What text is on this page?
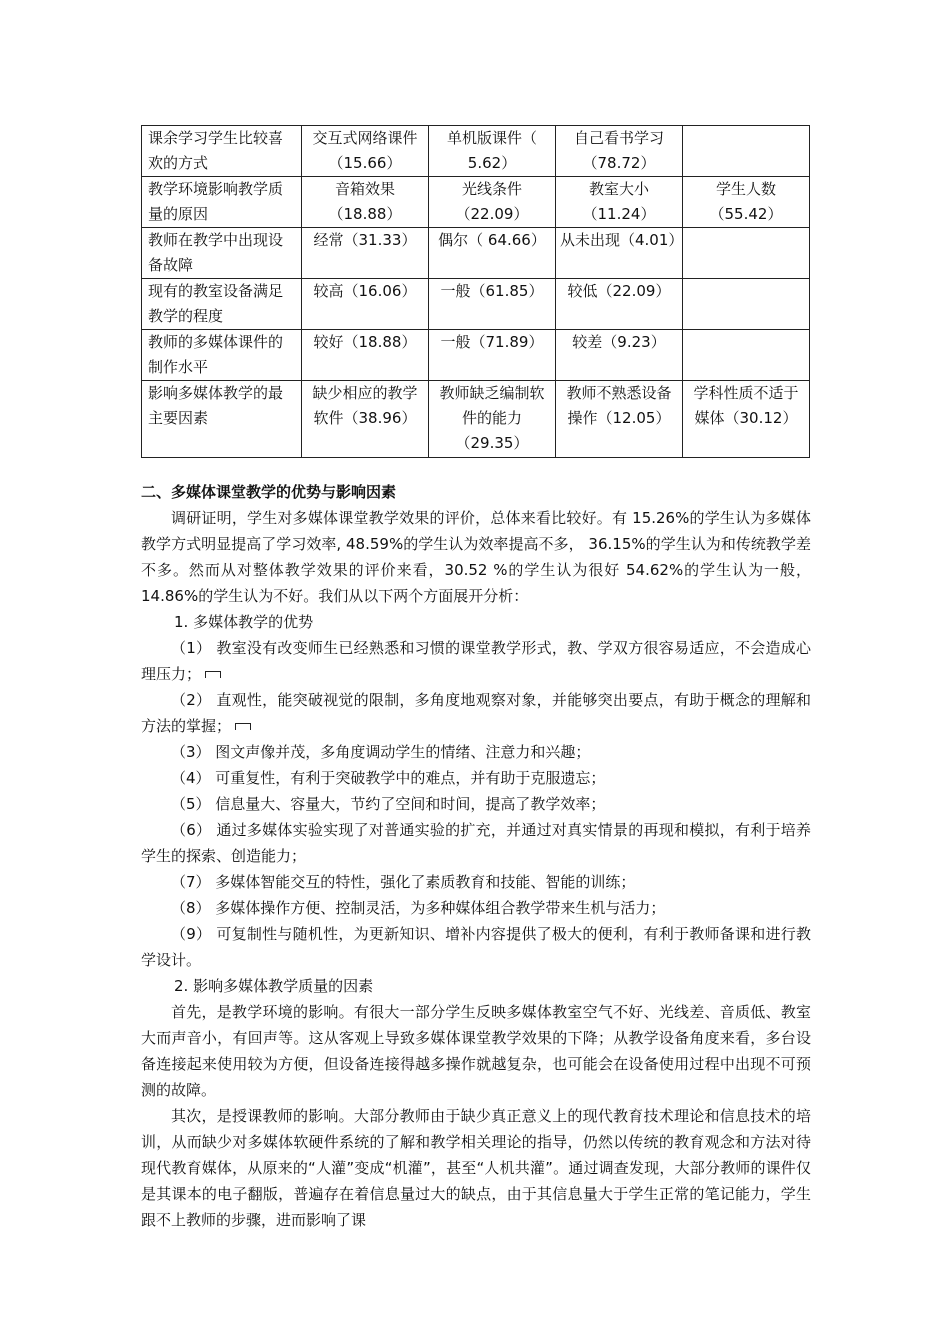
课余学习学生比较喜欢的方式	交互式网络课件（15.66）	单机版课件（ 5.62）	自己看书学习（78.72）	
教学环境影响教学质量的原因	音箱效果（18.88）	光线条件（22.09）	教室大小（11.24）	学生人数（55.42）
教师在教学中出现设备故障	经常（31.33）	偶尔（ 64.66）	从未出现（4.01）	
现有的教室设备满足教学的程度	较高（16.06）	一般（61.85）	较低（22.09）	
教师的多媒体课件的制作水平	较好（18.88）	一般（71.89）	较差（9.23）	
影响多媒体教学的最主要因素	缺少相应的教学软件（38.96）	教师缺乏编制软件的能力（29.35）	教师不熟悉设备操作（12.05）	学科性质不适于媒体（30.12）

二、多媒体课堂教学的优势与影响因素

调研证明，学生对多媒体课堂教学效果的评价，总体来看比较好。有 15.26%的学生认为多媒体教学方式明显提高了学习效率, 48.59%的学生认为效率提高不多， 36.15%的学生认为和传统教学差不多。然而从对整体教学效果的评价来看，30.52 %的学生认为很好 54.62%的学生认为一般，14.86%的学生认为不好。我们从以下两个方面展开分析：

1. 多媒体教学的优势

（1） 教室没有改变师生已经熟悉和习惯的课堂教学形式，教、学双方很容易适应，不会造成心理压力；

（2） 直观性，能突破视觉的限制，多角度地观察对象，并能够突出要点，有助于概念的理解和方法的掌握；

（3） 图文声像并茂，多角度调动学生的情绪、注意力和兴趣；

（4） 可重复性，有利于突破教学中的难点，并有助于克服遗忘；

（5） 信息量大、容量大，节约了空间和时间，提高了教学效率；

（6） 通过多媒体实验实现了对普通实验的扩充，并通过对真实情景的再现和模拟，有利于培养学生的探索、创造能力；

（7） 多媒体智能交互的特性，强化了素质教育和技能、智能的训练；

（8） 多媒体操作方便、控制灵活，为多种媒体组合教学带来生机与活力；

（9） 可复制性与随机性，为更新知识、增补内容提供了极大的便利，有利于教师备课和进行教学设计。

2. 影响多媒体教学质量的因素

首先，是教学环境的影响。有很大一部分学生反映多媒体教室空气不好、光线差、音质低、教室大而声音小，有回声等。这从客观上导致多媒体课堂教学效果的下降；从教学设备角度来看，多台设备连接起来使用较为方便，但设备连接得越多操作就越复杂，也可能会在设备使用过程中出现不可预测的故障。

其次，是授课教师的影响。大部分教师由于缺少真正意义上的现代教育技术理论和信息技术的培训，从而缺少对多媒体软硬件系统的了解和教学相关理论的指导，仍然以传统的教育观念和方法对待现代教育媒体，从原来的“人灌”变成“机灌”，甚至“人机共灌”。通过调查发现，大部分教师的课件仅是其课本的电子翻版，普遍存在着信息量过大的缺点，由于其信息量大于学生正常的笔记能力，学生跟不上教师的步骤，进而影响了课
